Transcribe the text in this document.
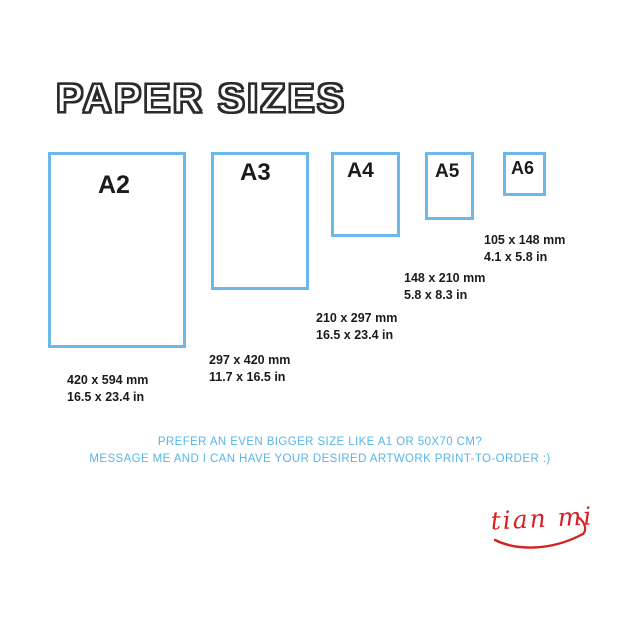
PAPER SIZES
A2
420 x 594 mm
16.5 x 23.4 in
A3
297 x 420 mm
11.7 x 16.5 in
A4
210 x 297 mm
16.5 x 23.4 in
A5
148 x 210 mm
5.8 x 8.3 in
A6
105 x 148 mm
4.1 x 5.8 in
PREFER AN EVEN BIGGER SIZE LIKE A1 OR 50X70 CM?
MESSAGE ME AND I CAN HAVE YOUR DESIRED ARTWORK PRINT-TO-ORDER :)
tian mi
